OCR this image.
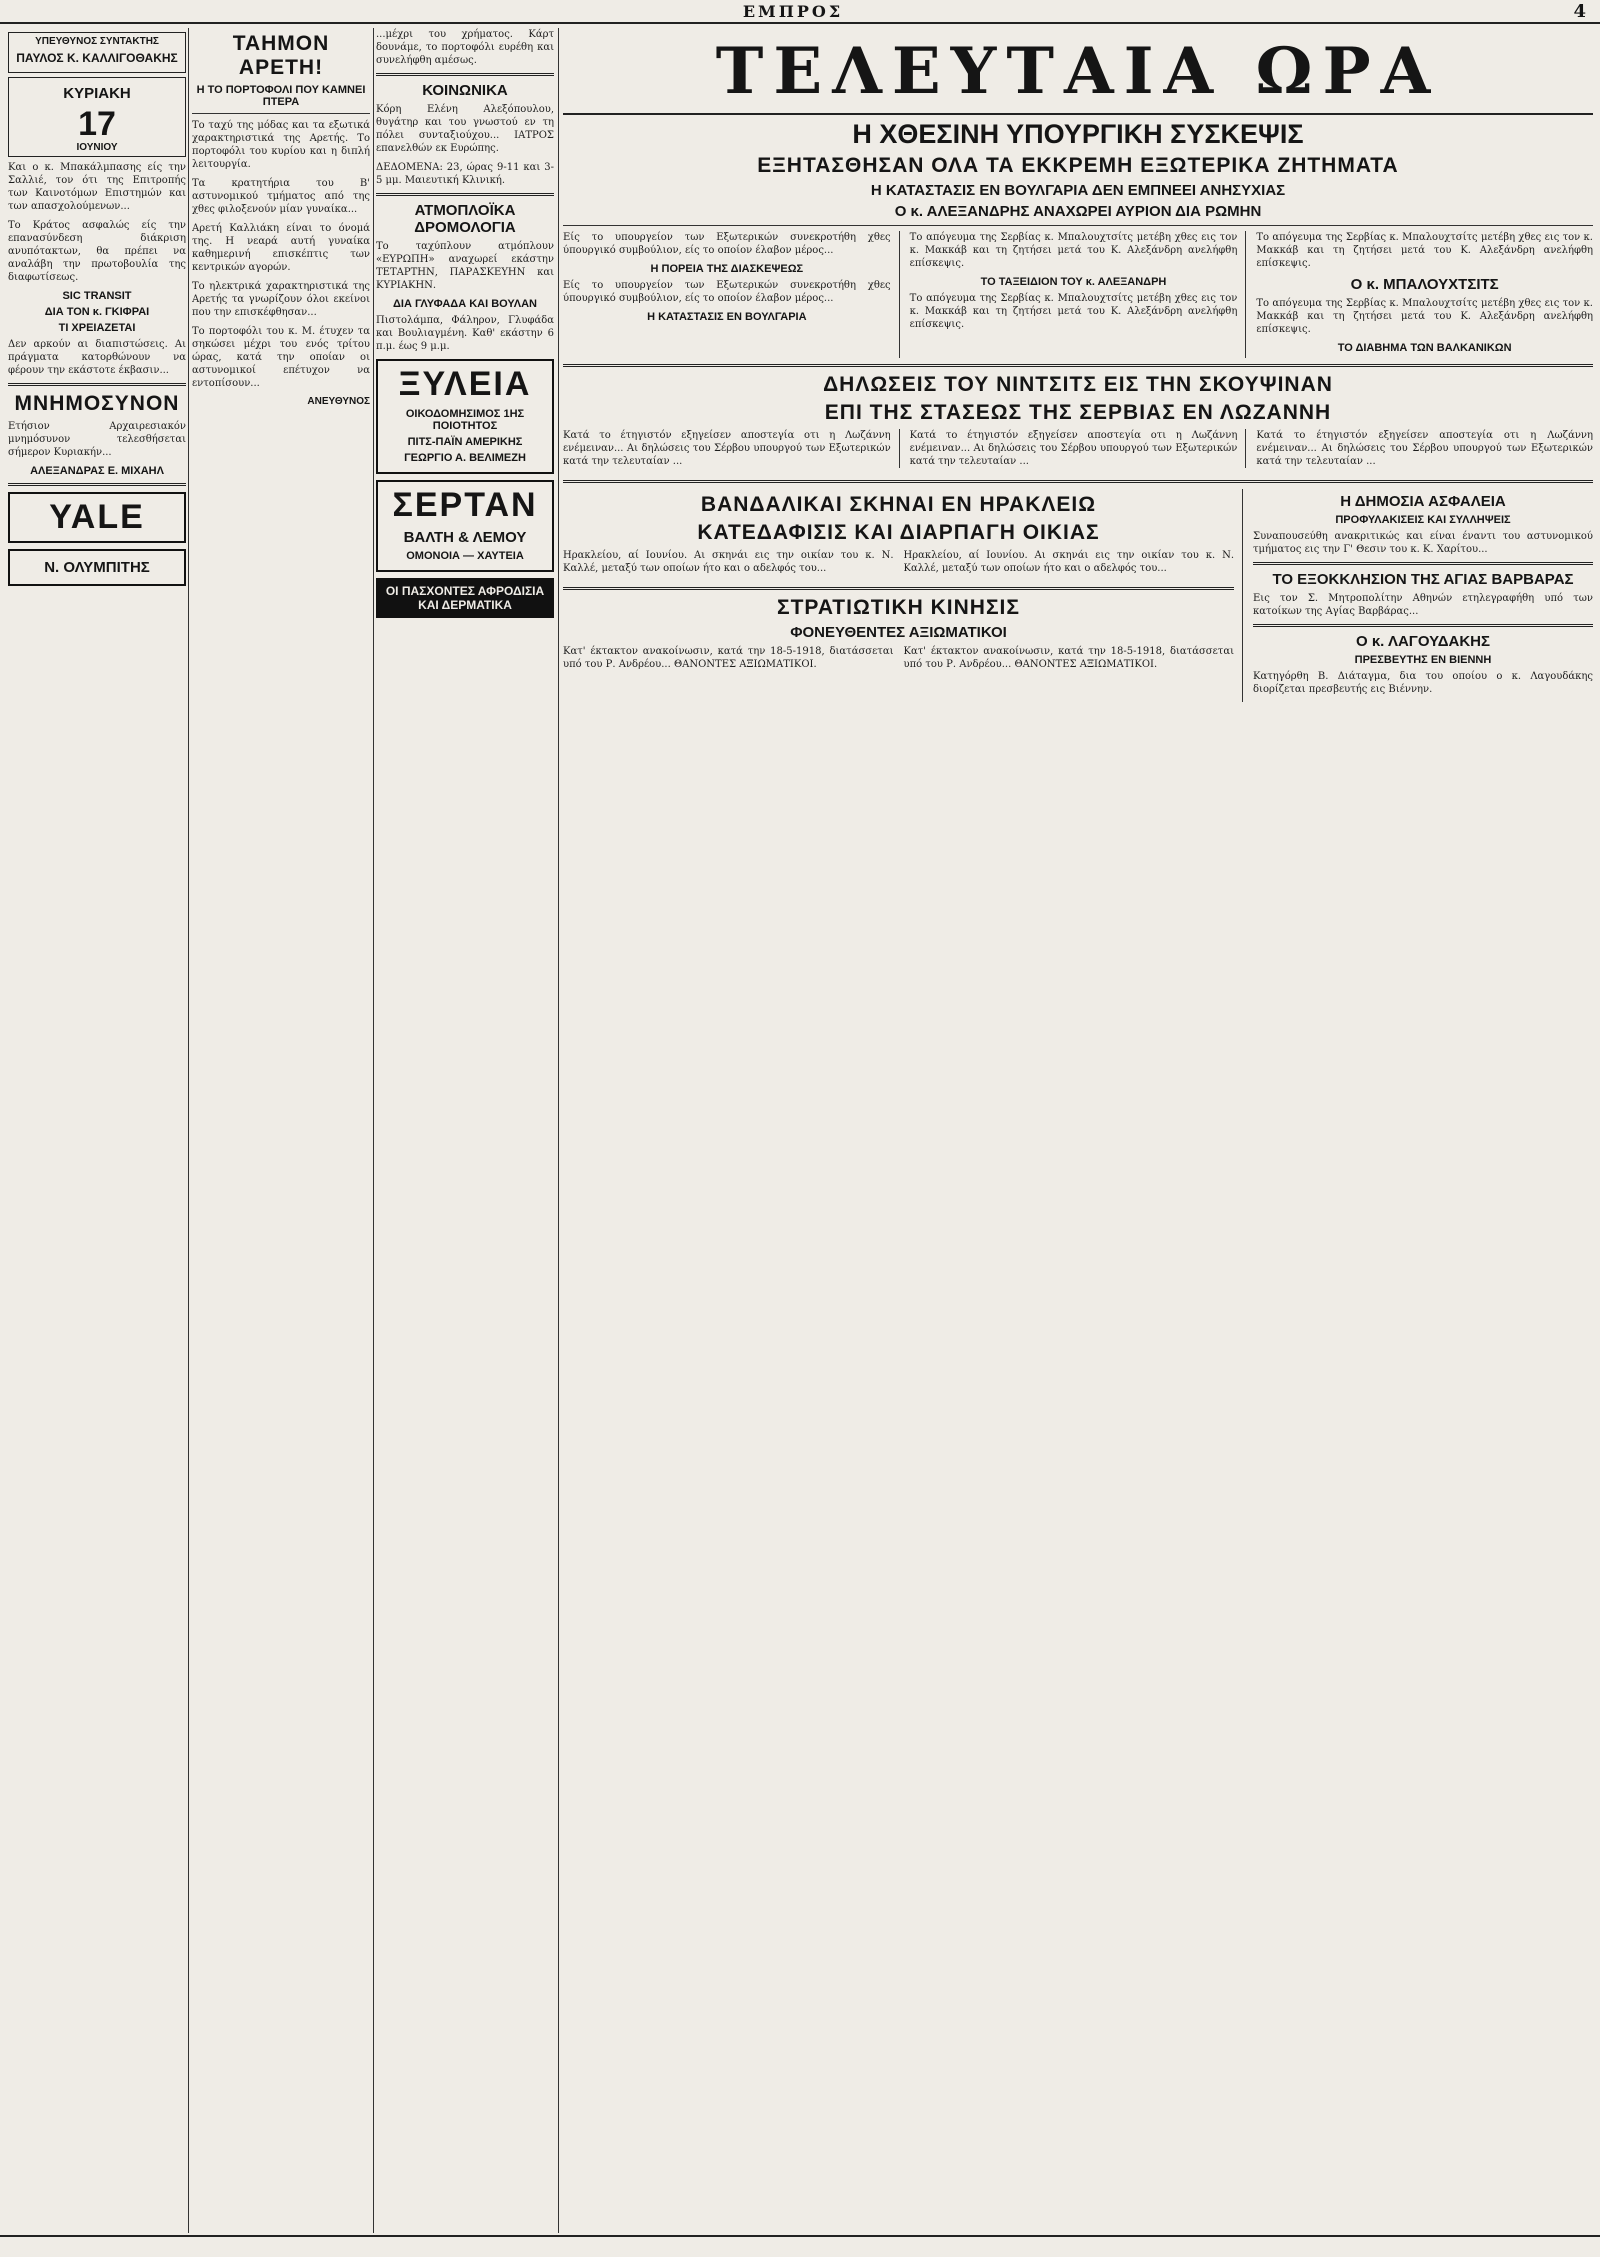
ΕΜΠΡΟΣ	4
ΥΠΕΥΘΥΝΟΣ ΣΥΝΤΑΚΤΗΣ
ΠΑΥΛΟΣ Κ. ΚΑΛΛΙΓΟΘΑΚΗΣ
ΚΥΡΙΑΚΗ
17
ΙΟΥΝΙΟΥ

Και ο κ. Μπακάλμπασης είς την Σαλλιέ, τον ότι της Επιτροπής των Καινοτόμων Επιστημών και των απασχολούμενων...

Το Κράτος ασφαλώς είς την επανασύνδεση διάκριση ανυπότακτων, θα πρέπει να αναλάβη την πρωτοβουλία της διαφωτίσεως.

SIC TRANSIT
ΔΙΑ ΤΟΝ κ. ΓΚΙΦΡΑΙ
ΤΙ ΧΡΕΙΑΖΕΤΑΙ

Δεν αρκούν αι διαπιστώσεις. Αι πράγματα κατορθώνουν να φέρουν την εκάστοτε έκβασιν...

ΜΝΗΜΟΣΥΝΟΝ

Ετήσιον Αρχαιρεσιακόν μνημόσυνον τελεσθήσεται σήμερον Κυριακήν...

ΑΛΕΞΑΝΔΡΑΣ Ε. ΜΙΧΑΗΛ
YALE
Ν. ΟΛΥΜΠΙΤΗΣ
ΤΑΗΜΟΝ ΑΡΕΤΗ!
Η ΤΟ ΠΟΡΤΟΦΟΛΙ ΠΟΥ ΚΑΜΝΕΙ ΠΤΕΡΑ

Το ταχύ της μόδας και τα εξωτικά χαρακτηριστικά της Αρετής. Το πορτοφόλι του κυρίου και η διπλή λειτουργία.

Τα κρατητήρια του Β' αστυνομικού τμήματος από της χθες φιλοξενούν μίαν γυναίκα...

Αρετή Καλλιάκη είναι το όνομά της. Η νεαρά αυτή γυναίκα καθημερινή επισκέπτις των κεντρικών αγορών.

Το ηλεκτρικά χαρακτηριστικά της Αρετής τα γνωρίζουν όλοι εκείνοι που την επισκέφθησαν...

Το πορτοφόλι του κ. Μ. έτυχεν τα σηκώσει μέχρι του ενός τρίτου ώρας, κατά την οποίαν οι αστυνομικοί επέτυχον να εντοπίσουν...

ΑΝΕΥΘΥΝΟΣ

...μέχρι του χρήματος. Κάρτ δουνάμε, το πορτοφόλι ευρέθη και συνελήφθη αμέσως.

ΚΟΙΝΩΝΙΚΑ

Κόρη Ελένη Αλεξόπουλου, θυγάτηρ και του γνωστού εν τη πόλει συνταξιούχου... ΙΑΤΡΟΣ επανελθών εκ Ευρώπης.

ΔΕΔΟΜΕΝΑ: 23, ώρας 9-11 και 3-5 μμ. Μαιευτική Κλινική.

ΑΤΜΟΠΛΟΪΚΑ ΔΡΟΜΟΛΟΓΙΑ

Το ταχύπλουν ατμόπλουν «ΕΥΡΩΠΗ» αναχωρεί εκάστην ΤΕΤΑΡΤΗΝ, ΠΑΡΑΣΚΕΥΗΝ και ΚΥΡΙΑΚΗΝ.

ΔΙΑ ΓΛΥΦΑΔΑ ΚΑΙ ΒΟΥΛΑΝ

Πιστολάμπα, Φάληρον, Γλυφάδα και Βουλιαγμένη. Καθ' εκάστην 6 π.μ. έως 9 μ.μ.

ΞΥΛΕΙΑ
ΟΙΚΟΔΟΜΗΣΙΜΟΣ 1ΗΣ ΠΟΙΟΤΗΤΟΣ
ΠΙΤΣ-ΠΑΪΝ ΑΜΕΡΙΚΗΣ
ΓΕΩΡΓΙΟ Α. ΒΕΛΙΜΕΖΗ
ΣΕΡΤΑΝ
ΒΑΛΤΗ & ΛΕΜΟΥ
ΟΜΟΝΟΙΑ — ΧΑΥΤΕΙΑ
ΟΙ ΠΑΣΧΟΝΤΕΣ ΑΦΡΟΔΙΣΙΑ ΚΑΙ ΔΕΡΜΑΤΙΚΑ
ΤΕΛΕΥΤΑΙΑ ΩΡΑ
Η ΧΘΕΣΙΝΗ ΥΠΟΥΡΓΙΚΗ ΣΥΣΚΕΨΙΣ
ΕΞΗΤΑΣΘΗΣΑΝ ΟΛΑ ΤΑ ΕΚΚΡΕΜΗ ΕΞΩΤΕΡΙΚΑ ΖΗΤΗΜΑΤΑ
Η ΚΑΤΑΣΤΑΣΙΣ ΕΝ ΒΟΥΛΓΑΡΙΑ ΔΕΝ ΕΜΠΝΕΕΙ ΑΝΗΣΥΧΙΑΣ
Ο κ. ΑΛΕΞΑΝΔΡΗΣ ΑΝΑΧΩΡΕΙ ΑΥΡΙΟΝ ΔΙΑ ΡΩΜΗΝ

Είς το υπουργείον των Εξωτερικών συνεκροτήθη χθες ύπουργικό συμβούλιον, είς το οποίον έλαβον μέρος...

Η ΠΟΡΕΙΑ ΤΗΣ ΔΙΑΣΚΕΨΕΩΣ

Είς το υπουργείον των Εξωτερικών συνεκροτήθη χθες ύπουργικό συμβούλιον, είς το οποίον έλαβον μέρος...

Η ΚΑΤΑΣΤΑΣΙΣ ΕΝ ΒΟΥΛΓΑΡΙΑ

Το απόγευμα της Σερβίας κ. Μπαλουχτσίτς μετέβη χθες εις τον κ. Μακκάβ και τη ζητήσει μετά του Κ. Αλεξάνδρη ανελήφθη επίσκεψις.

ΤΟ ΤΑΞΕΙΔΙΟΝ ΤΟΥ κ. ΑΛΕΞΑΝΔΡΗ

Το απόγευμα της Σερβίας κ. Μπαλουχτσίτς μετέβη χθες εις τον κ. Μακκάβ και τη ζητήσει μετά του Κ. Αλεξάνδρη ανελήφθη επίσκεψις.

Το απόγευμα της Σερβίας κ. Μπαλουχτσίτς μετέβη χθες εις τον κ. Μακκάβ και τη ζητήσει μετά του Κ. Αλεξάνδρη ανελήφθη επίσκεψις.

Ο κ. ΜΠΑΛΟΥΧΤΣΙΤΣ

Το απόγευμα της Σερβίας κ. Μπαλουχτσίτς μετέβη χθες εις τον κ. Μακκάβ και τη ζητήσει μετά του Κ. Αλεξάνδρη ανελήφθη επίσκεψις.

ΤΟ ΔΙΑΒΗΜΑ ΤΩΝ ΒΑΛΚΑΝΙΚΩΝ
ΔΗΛΩΣΕΙΣ ΤΟΥ ΝΙΝΤΣΙΤΣ ΕΙΣ ΤΗΝ ΣΚΟΥΨΙΝΑΝ
ΕΠΙ ΤΗΣ ΣΤΑΣΕΩΣ ΤΗΣ ΣΕΡΒΙΑΣ ΕΝ ΛΩΖΑΝΝΗ

Κατά το έτηγιστόν εξηγείσεν αποστεγία οτι η Λωζάννη ενέμειναν... Αι δηλώσεις του Σέρβου υπουργού των Εξωτερικών κατά την τελευταίαν ...

Κατά το έτηγιστόν εξηγείσεν αποστεγία οτι η Λωζάννη ενέμειναν... Αι δηλώσεις του Σέρβου υπουργού των Εξωτερικών κατά την τελευταίαν ...

Κατά το έτηγιστόν εξηγείσεν αποστεγία οτι η Λωζάννη ενέμειναν... Αι δηλώσεις του Σέρβου υπουργού των Εξωτερικών κατά την τελευταίαν ...

ΒΑΝΔΑΛΙΚΑΙ ΣΚΗΝΑΙ ΕΝ ΗΡΑΚΛΕΙΩ
ΚΑΤΕΔΑΦΙΣΙΣ ΚΑΙ ΔΙΑΡΠΑΓΗ ΟΙΚΙΑΣ

Ηρακλείου, αί Ιουνίου. Αι σκηνάι εις την οικίαν του κ. Ν. Καλλέ, μεταξύ των οποίων ήτο και ο αδελφός του...

Ηρακλείου, αί Ιουνίου. Αι σκηνάι εις την οικίαν του κ. Ν. Καλλέ, μεταξύ των οποίων ήτο και ο αδελφός του...

ΣΤΡΑΤΙΩΤΙΚΗ ΚΙΝΗΣΙΣ
ΦΟΝΕΥΘΕΝΤΕΣ ΑΞΙΩΜΑΤΙΚΟΙ

Κατ' έκτακτον ανακοίνωσιν, κατά την 18-5-1918, διατάσσεται υπό του Ρ. Ανδρέου... ΘΑΝΟΝΤΕΣ ΑΞΙΩΜΑΤΙΚΟΙ.

Κατ' έκτακτον ανακοίνωσιν, κατά την 18-5-1918, διατάσσεται υπό του Ρ. Ανδρέου... ΘΑΝΟΝΤΕΣ ΑΞΙΩΜΑΤΙΚΟΙ.

Η ΔΗΜΟΣΙΑ ΑΣΦΑΛΕΙΑ
ΠΡΟΦΥΛΑΚΙΣΕΙΣ ΚΑΙ ΣΥΛΛΗΨΕΙΣ

Συναπουσεύθη ανακριτικώς και είναι έναντι του αστυνομικού τμήματος εις την Γ' Θεσιν του κ. Κ. Χαρίτου...

ΤΟ ΕΞΟΚΚΛΗΣΙΟΝ ΤΗΣ ΑΓΙΑΣ ΒΑΡΒΑΡΑΣ

Εις τον Σ. Μητροπολίτην Αθηνών ετηλεγραφήθη υπό των κατοίκων της Αγίας Βαρβάρας...

Ο κ. ΛΑΓΟΥΔΑΚΗΣ
ΠΡΕΣΒΕΥΤΗΣ ΕΝ ΒΙΕΝΝΗ

Κατηγόρθη Β. Διάταγμα, δια του οποίου ο κ. Λαγουδάκης διορίζεται πρεσβευτής εις Βιέννην.
